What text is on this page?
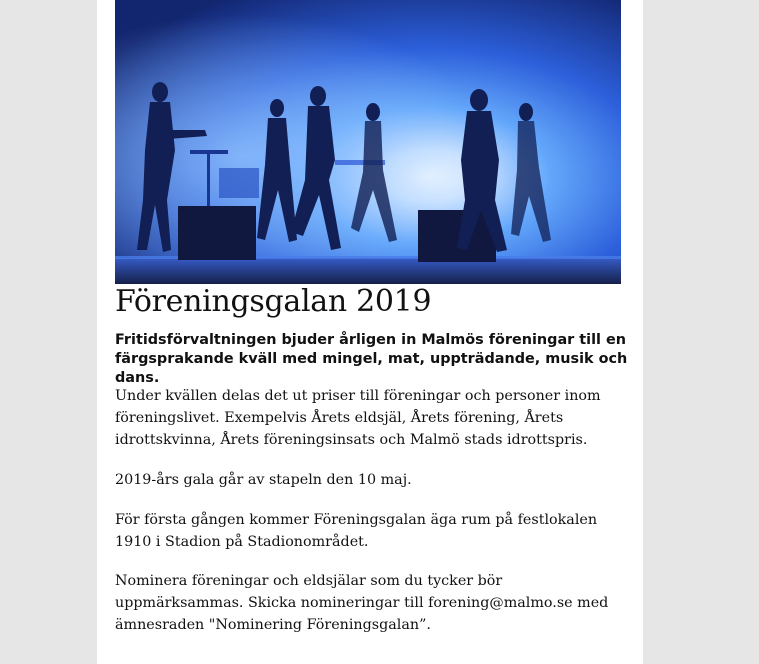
Föreningsgalan 2019

Fritidsförvaltningen bjuder årligen in Malmös föreningar till en färgsprakande kväll med mingel, mat, uppträdande, musik och dans.

Under kvällen delas det ut priser till föreningar och personer inom föreningslivet. Exempelvis Årets eldsjäl, Årets förening, Årets idrottskvinna, Årets föreningsinsats och Malmö stads idrottspris.

2019-års gala går av stapeln den 10 maj.

För första gången kommer Föreningsgalan äga rum på festlokalen 1910 i Stadion på Stadionområdet.

Nominera föreningar och eldsjälar som du tycker bör uppmärksammas. Skicka nomineringar till forening@malmo.se med ämnesraden "Nominering Föreningsgalan”.
